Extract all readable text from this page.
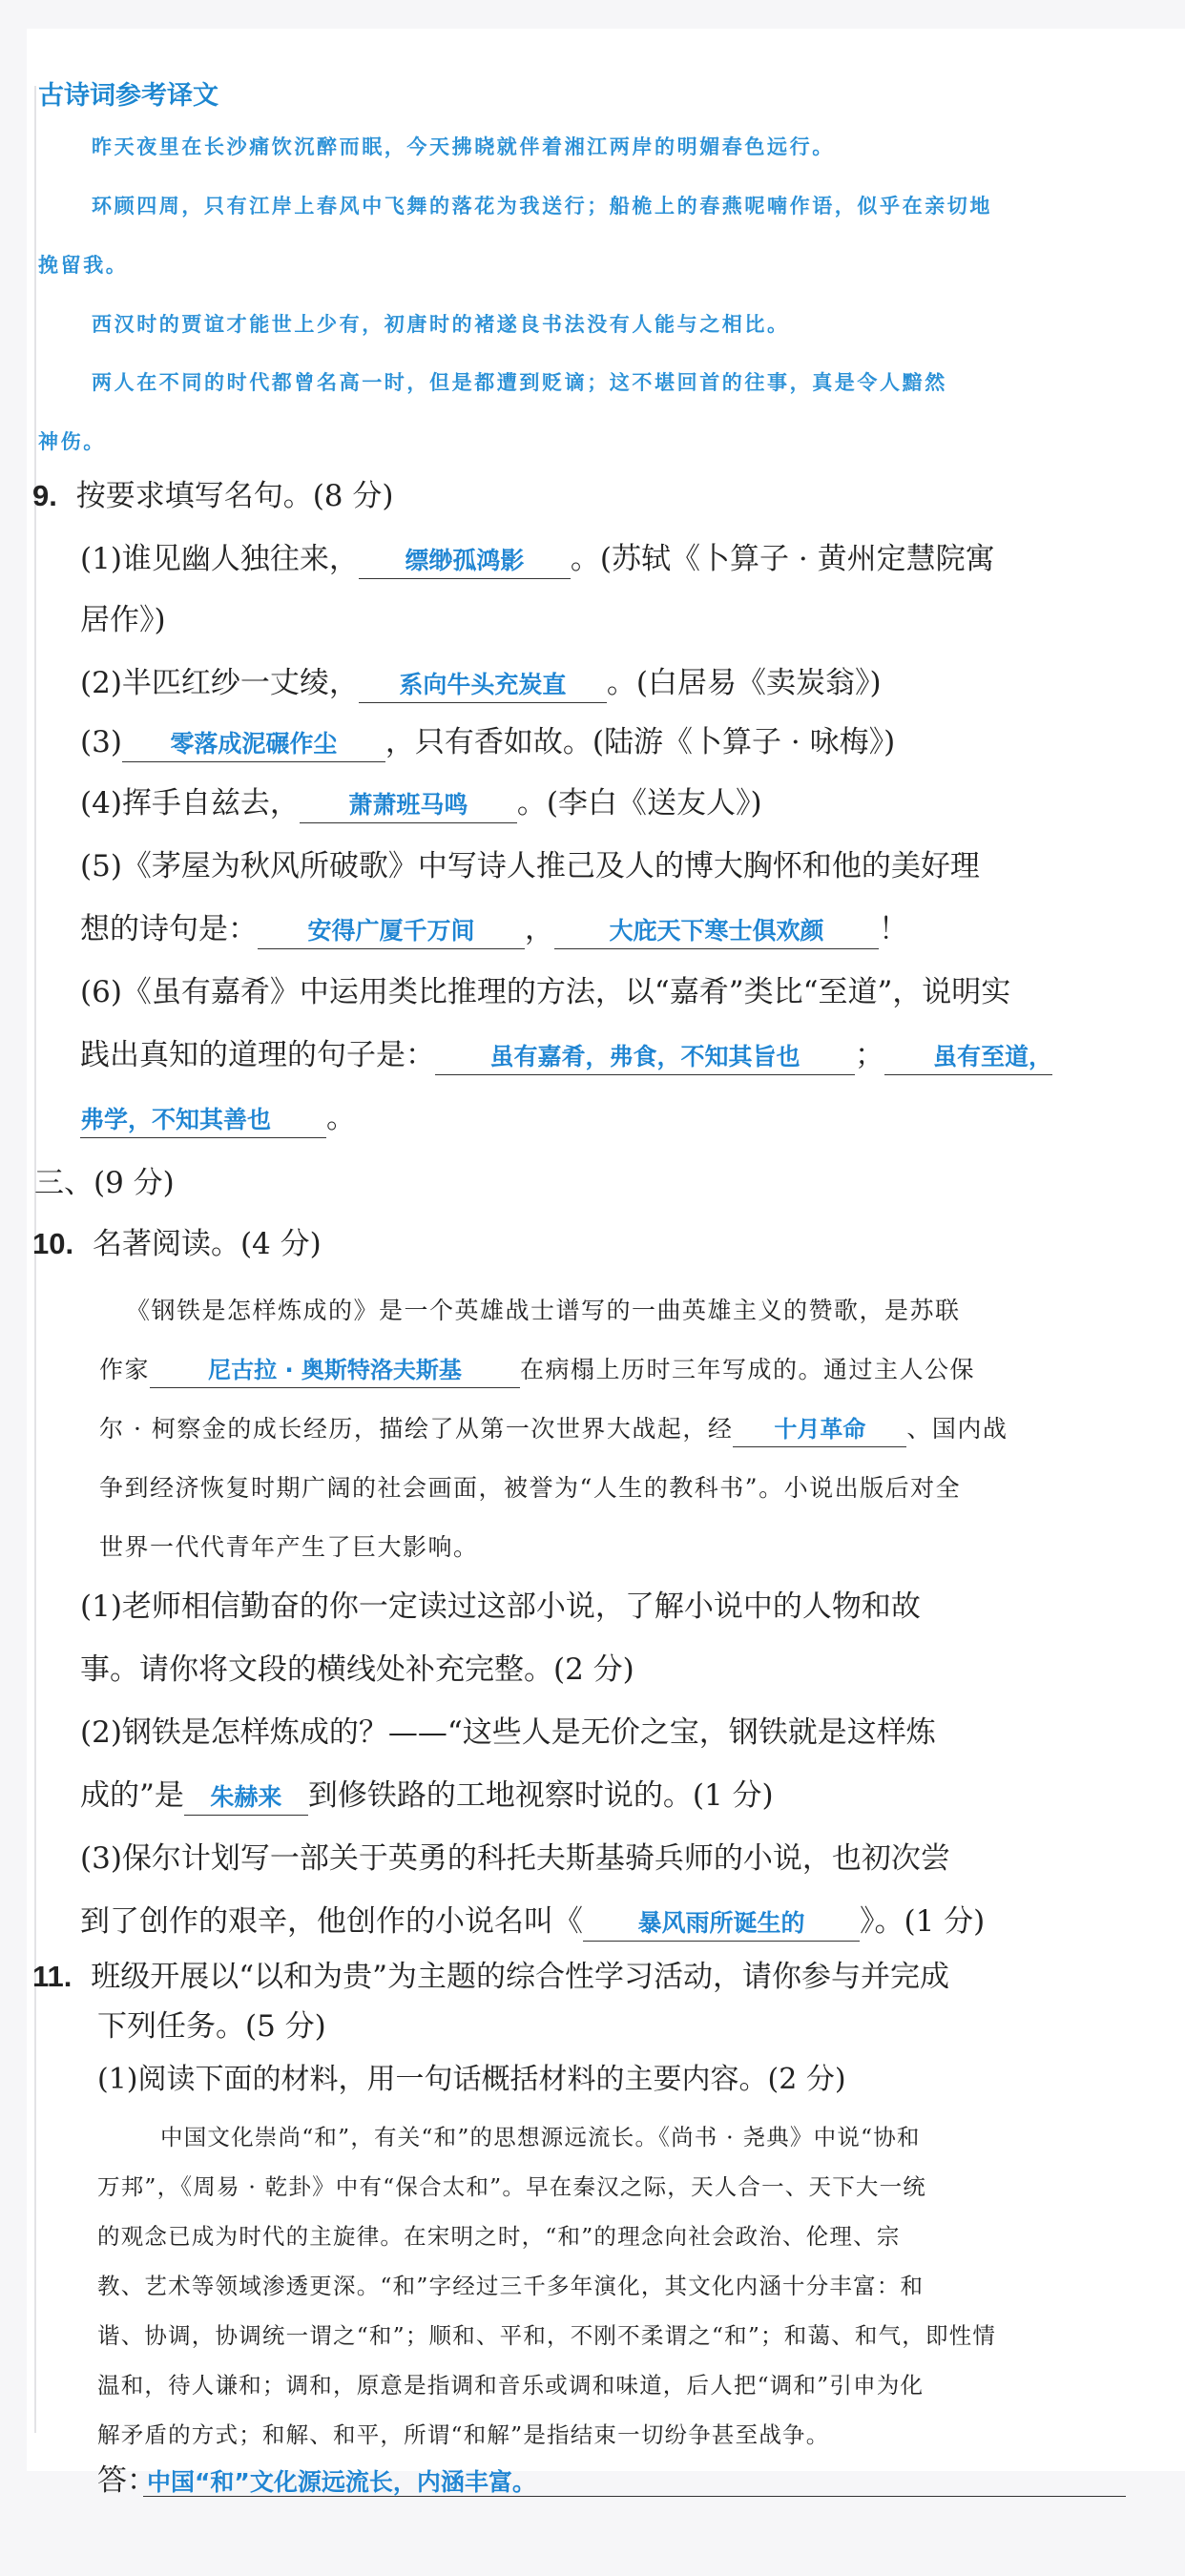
古诗词参考译文
昨天夜里在长沙痛饮沉醉而眠，今天拂晓就伴着湘江两岸的明媚春色远行。
环顾四周，只有江岸上春风中飞舞的落花为我送行；船桅上的春燕呢喃作语，似乎在亲切地
挽留我。
西汉时的贾谊才能世上少有，初唐时的褚遂良书法没有人能与之相比。
两人在不同的时代都曾名高一时，但是都遭到贬谪；这不堪回首的往事，真是令人黯然
神伤。
9. 按要求填写名句。(8 分)
(1)谁见幽人独往来， 缥缈孤鸿影 。(苏轼《卜算子 · 黄州定慧院寓
居作》)
(2)半匹红纱一丈绫， 系向牛头充炭直 。(白居易《卖炭翁》)
(3) 零落成泥碾作尘 ，只有香如故。(陆游《卜算子 · 咏梅》)
(4)挥手自兹去， 萧萧班马鸣 。(李白《送友人》)
(5)《茅屋为秋风所破歌》中写诗人推己及人的博大胸怀和他的美好理
想的诗句是： 安得广厦千万间 ， 大庇天下寒士俱欢颜 ！
(6)《虽有嘉肴》中运用类比推理的方法，以“嘉肴”类比“至道”，说明实
践出真知的道理的句子是： 虽有嘉肴，弗食，不知其旨也 ； 虽有至道，
弗学，不知其善也 。
三、(9 分)
10. 名著阅读。(4 分)
《钢铁是怎样炼成的》是一个英雄战士谱写的一曲英雄主义的赞歌，是苏联
作家	尼古拉 · 奥斯特洛夫斯基 在病榻上历时三年写成的。通过主人公保
尔 · 柯察金的成长经历，描绘了从第一次世界大战起，经 十月革命 、国内战
争到经济恢复时期广阔的社会画面，被誉为“人生的教科书”。小说出版后对全
世界一代代青年产生了巨大影响。
(1)老师相信勤奋的你一定读过这部小说，了解小说中的人物和故
事。请你将文段的横线处补充完整。(2 分)
(2)钢铁是怎样炼成的？——“这些人是无价之宝，钢铁就是这样炼
成的”是 朱赫来 到修铁路的工地视察时说的。(1 分)
(3)保尔计划写一部关于英勇的科托夫斯基骑兵师的小说，也初次尝
到了创作的艰辛，他创作的小说名叫《 暴风雨所诞生的 》。(1 分)
11. 班级开展以“以和为贵”为主题的综合性学习活动，请你参与并完成
下列任务。(5 分)
(1)阅读下面的材料，用一句话概括材料的主要内容。(2 分)
中国文化崇尚“和”，有关“和”的思想源远流长。《尚书 · 尧典》中说“协和
万邦”，《周易 · 乾卦》中有“保合太和”。早在秦汉之际，天人合一、天下大一统
的观念已成为时代的主旋律。在宋明之时，“和”的理念向社会政治、伦理、宗
教、艺术等领域渗透更深。“和”字经过三千多年演化，其文化内涵十分丰富：和
谐、协调，协调统一谓之“和”；顺和、平和，不刚不柔谓之“和”；和蔼、和气，即性情
温和，待人谦和；调和，原意是指调和音乐或调和味道，后人把“调和”引申为化
解矛盾的方式；和解、和平，所谓“和解”是指结束一切纷争甚至战争。
答：
中国“和”文化源远流长，内涵丰富。
